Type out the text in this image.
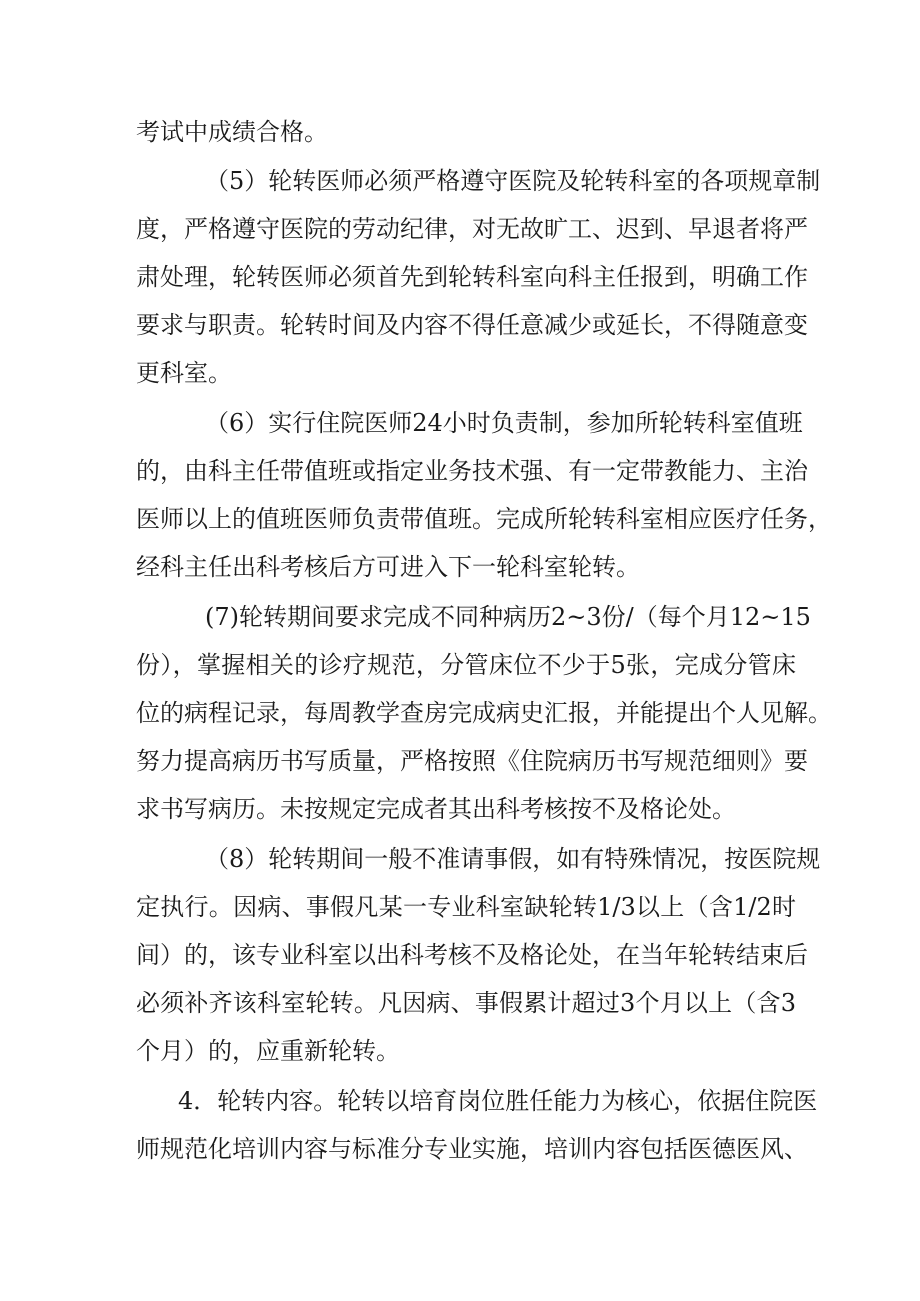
考试中成绩合格。
（5）轮转医师必须严格遵守医院及轮转科室的各项规章制
度，严格遵守医院的劳动纪律，对无故旷工、迟到、早退者将严
肃处理，轮转医师必须首先到轮转科室向科主任报到，明确工作
要求与职责。轮转时间及内容不得任意减少或延长，不得随意变
更科室。
（6）实行住院医师24小时负责制，参加所轮转科室值班
的，由科主任带值班或指定业务技术强、有一定带教能力、主治
医师以上的值班医师负责带值班。完成所轮转科室相应医疗任务，
经科主任出科考核后方可进入下一轮科室轮转。
(7)轮转期间要求完成不同种病历2~3份/（每个月12~15
份），掌握相关的诊疗规范，分管床位不少于5张，完成分管床
位的病程记录，每周教学查房完成病史汇报，并能提出个人见解。
努力提高病历书写质量，严格按照《住院病历书写规范细则》要
求书写病历。未按规定完成者其出科考核按不及格论处。
（8）轮转期间一般不准请事假，如有特殊情况，按医院规
定执行。因病、事假凡某一专业科室缺轮转1/3以上（含1/2时
间）的，该专业科室以出科考核不及格论处，在当年轮转结束后
必须补齐该科室轮转。凡因病、事假累计超过3个月以上（含3
个月）的，应重新轮转。
4．轮转内容。轮转以培育岗位胜任能力为核心，依据住院医
师规范化培训内容与标准分专业实施，培训内容包括医德医风、
